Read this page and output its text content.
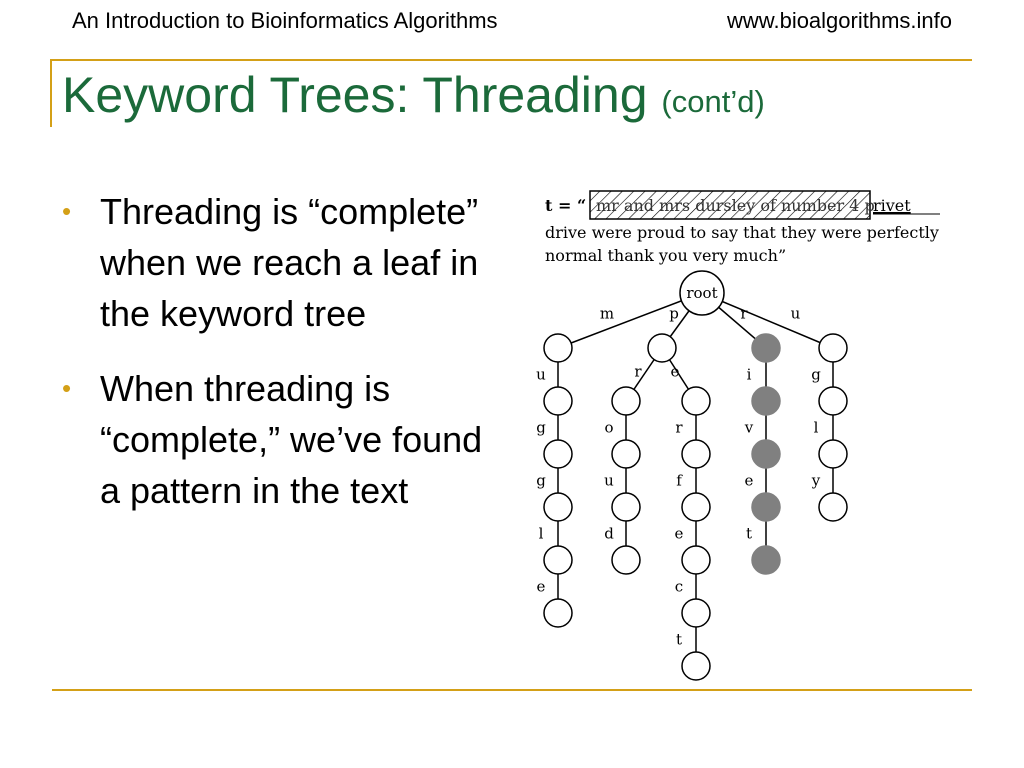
An Introduction to Bioinformatics Algorithms	www.bioalgorithms.info
Keyword Trees: Threading (cont’d)
• Threading is “complete” when we reach a leaf in the keyword tree
• When threading is “complete,” we’ve found a pattern in the text
t = “ mr and mrs dursley of number 4 p
rivet
drive were proud to say that they were perfectly
normal thank you very much”
root
m
u
g
g
l
e
p
r
o
u
d
e
r
f
e
c
t
r
i
v
e
t
u
g
l
y
